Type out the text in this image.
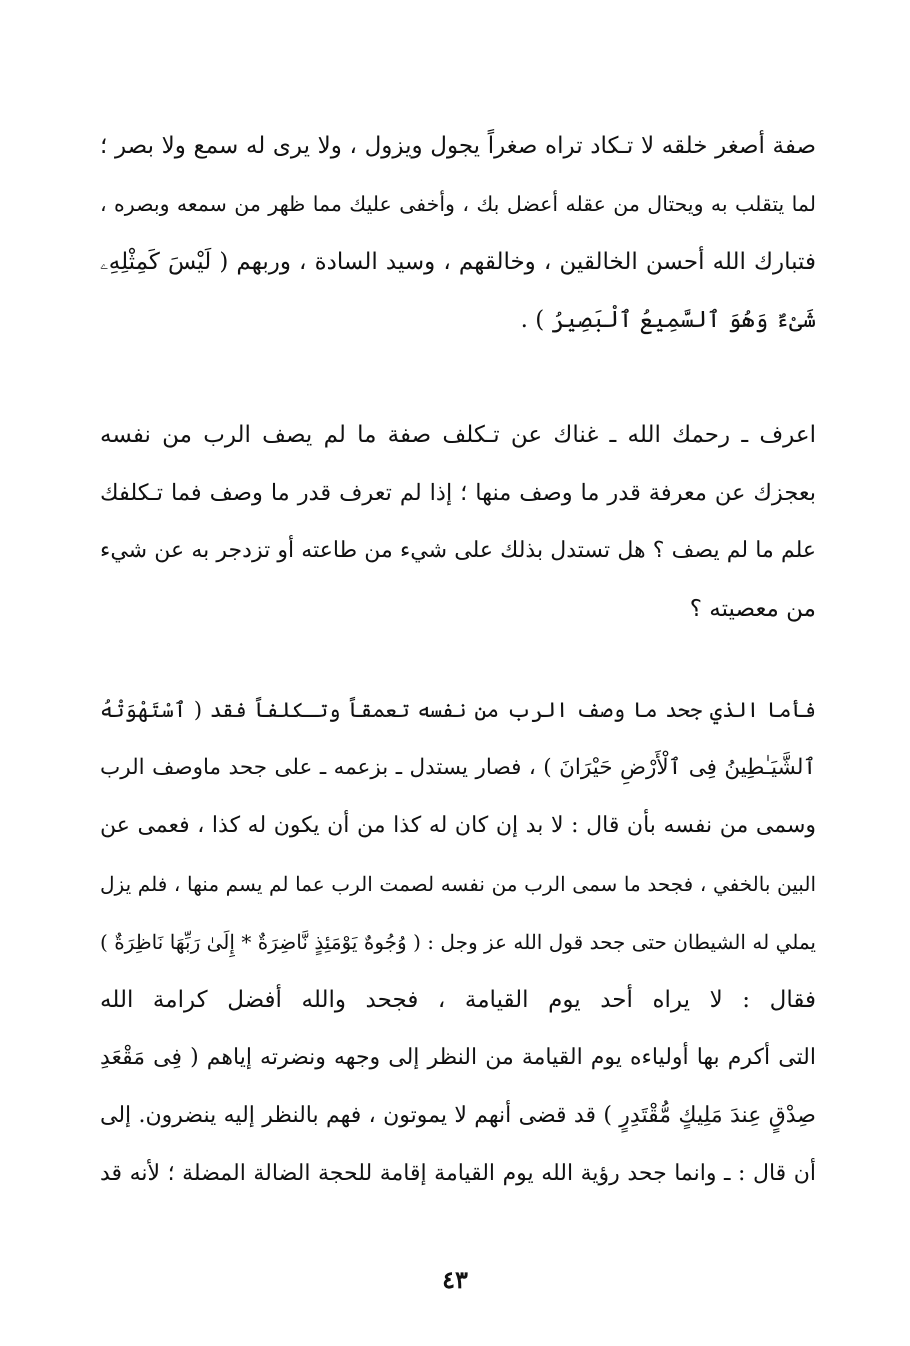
صفة أصغر خلقه لا تـكاد تراه صغراً يجول ويزول ، ولا يرى له سمع ولا بصر ؛
لما يتقلب به ويحتال من عقله أعضل بك ، وأخفى عليك مما ظهر من سمعه وبصره ،
فتبارك الله أحسن الخالقين ، وخالقهم ، وسيد السادة ، وربهم ( لَيْسَ كَمِثْلِهِۦ
شَىْءٌ وَهُوَ ٱلسَّمِيعُ ٱلْبَصِيرُ ) .
اعرف ـ رحمك الله ـ غناك عن تـكلف صفة ما لم يصف الرب من نفسه
بعجزك عن معرفة قدر ما وصف منها ؛ إذا لم تعرف قدر ما وصف فما تـكلفك
علم ما لم يصف ؟ هل تستدل بذلك على شيء من طاعته أو تزدجر به عن شيء
من معصيته ؟
فأما الذي جحد ما وصف الرب من نفسه تعمقاً وتـكلفاً فقد ( ٱسْتَهْوَتْهُ
ٱلشَّيَـٰطِينُ فِى ٱلْأَرْضِ حَيْرَانَ ) ، فصار يستدل ـ بزعمه ـ على جحد ماوصف الرب
وسمى من نفسه بأن قال : لا بد إن كان له كذا من أن يكون له كذا ، فعمى عن
البين بالخفي ، فجحد ما سمى الرب من نفسه لصمت الرب عما لم يسم منها ، فلم يزل
يملي له الشيطان حتى جحد قول الله عز وجل : ( وُجُوهٌ يَوْمَئِذٍ نَّاضِرَةٌ * إِلَىٰ رَبِّهَا نَاظِرَةٌ )
فقال : لا يراه أحد يوم القيامة ، فجحد والله أفضل كرامة الله
التى أكرم بها أولياءه يوم القيامة من النظر إلى وجهه ونضرته إياهم ( فِى مَقْعَدِ
صِدْقٍ عِندَ مَلِيكٍ مُّقْتَدِرٍ ) قد قضى أنهم لا يموتون ، فهم بالنظر إليه ينضرون. إلى
أن قال : ـ وانما جحد رؤية الله يوم القيامة إقامة للحجة الضالة المضلة ؛ لأنه قد
٤٣
